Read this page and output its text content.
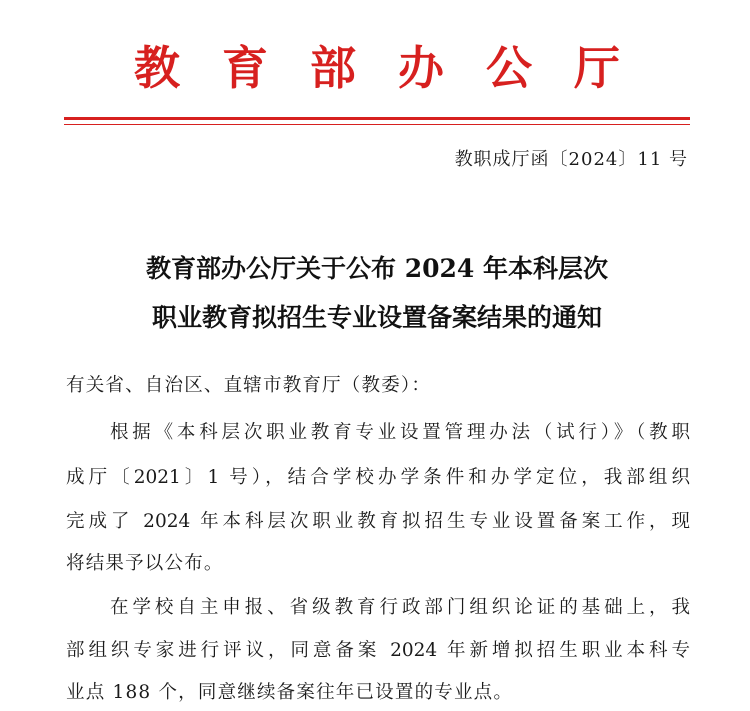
教育部办公厅
教职成厅函〔2024〕11 号
教育部办公厅关于公布 2024 年本科层次
职业教育拟招生专业设置备案结果的通知
有关省、自治区、直辖市教育厅（教委）：
根据《本科层次职业教育专业设置管理办法（试行）》（教职
成厅〔2021〕1 号），结合学校办学条件和办学定位，我部组织
完成了 2024 年本科层次职业教育拟招生专业设置备案工作，现
将结果予以公布。
在学校自主申报、省级教育行政部门组织论证的基础上，我
部组织专家进行评议，同意备案 2024 年新增拟招生职业本科专
业点 188 个，同意继续备案往年已设置的专业点。
